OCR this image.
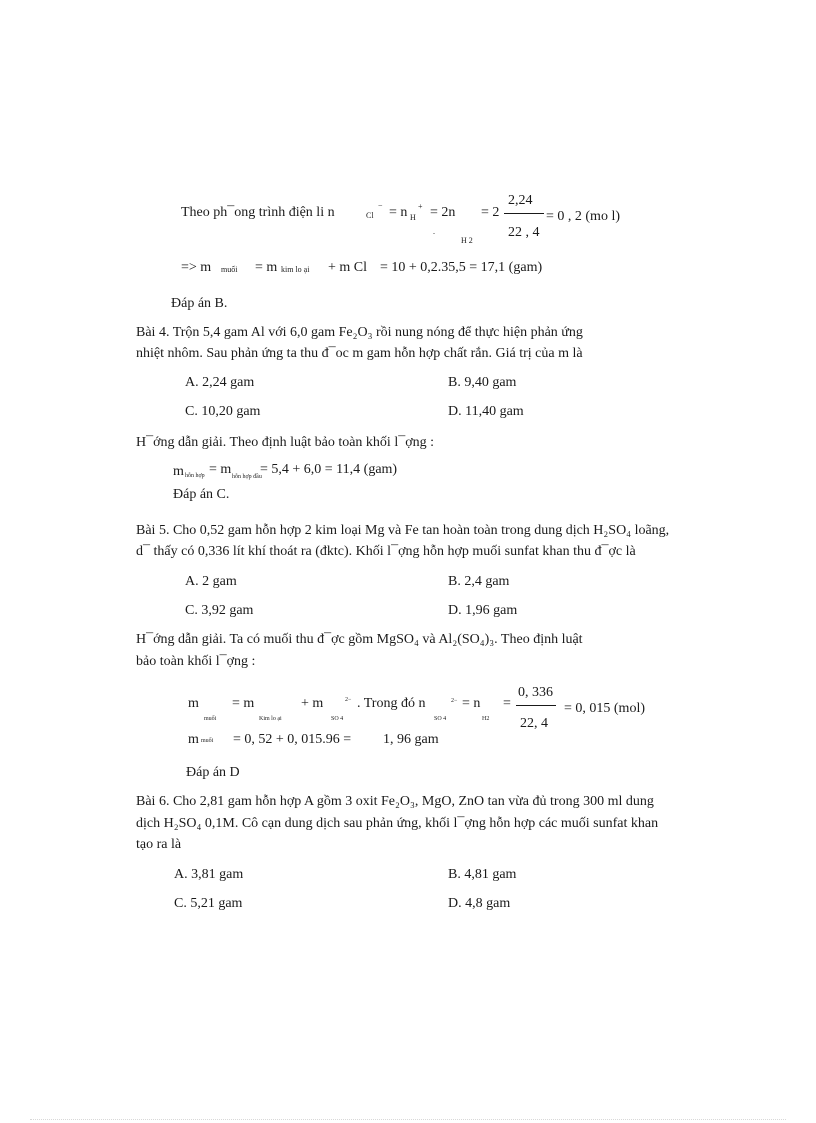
Theo ph¯ong trình điện li n	Cl
− = n H
+ = 2n
.
H 2
= 2
2,24
22 , 4
= 0 , 2 (mo l)
=> m muối = m kim lo ại + m Cl = 10 + 0,2.35,5 = 17,1 (gam)
Đáp án B.
Bài 4. Trộn 5,4 gam Al với 6,0 gam Fe₂O₃ rồi nung nóng để thực hiện phản ứng
nhiệt nhôm. Sau phản ứng ta thu đ¯oc m gam hỗn hợp chất rắn. Giá trị của m là
A. 2,24 gam	B. 9,40 gam
C. 10,20 gam	D. 11,40 gam
H¯ớng dẫn giải. Theo định luật bảo toàn khối l¯ợng :
m hỗn hợp = m hỗn hợp đầu
= 5,4 + 6,0 = 11,4 (gam)
Đáp án C.
Bài 5. Cho 0,52 gam hỗn hợp 2 kim loại Mg và Fe tan hoàn toàn trong dung dịch H₂SO₄ loãng,
d¯ thấy có 0,336 lít khí thoát ra (đktc). Khối l¯ợng hỗn hợp muối sunfat khan thu đ¯ợc là
A. 2 gam	B. 2,4 gam
C. 3,92 gam	D. 1,96 gam
H¯ớng dẫn giải. Ta có muối thu đ¯ợc gồm MgSO₄ và Al₂(SO₄)₃. Theo định luật
bảo toàn khối l¯ợng :
m = m	+ m	2− . Trong đó n	2− = n =
0, 336
22, 4
= 0, 015 (mol)
muối	Kim lo ại	SO 4	SO 4	H2
m muối = 0, 52 + 0, 015.96 = 1, 96 gam
Đáp án D
Bài 6. Cho 2,81 gam hỗn hợp A gồm 3 oxit Fe₂O₃, MgO, ZnO tan vừa đủ trong 300 ml dung
dịch H₂SO₄ 0,1M. Cô cạn dung dịch sau phản ứng, khối l¯ợng hỗn hợp các muối sunfat khan
tạo ra là
A. 3,81 gam	B. 4,81 gam
C. 5,21 gam	D. 4,8 gam
